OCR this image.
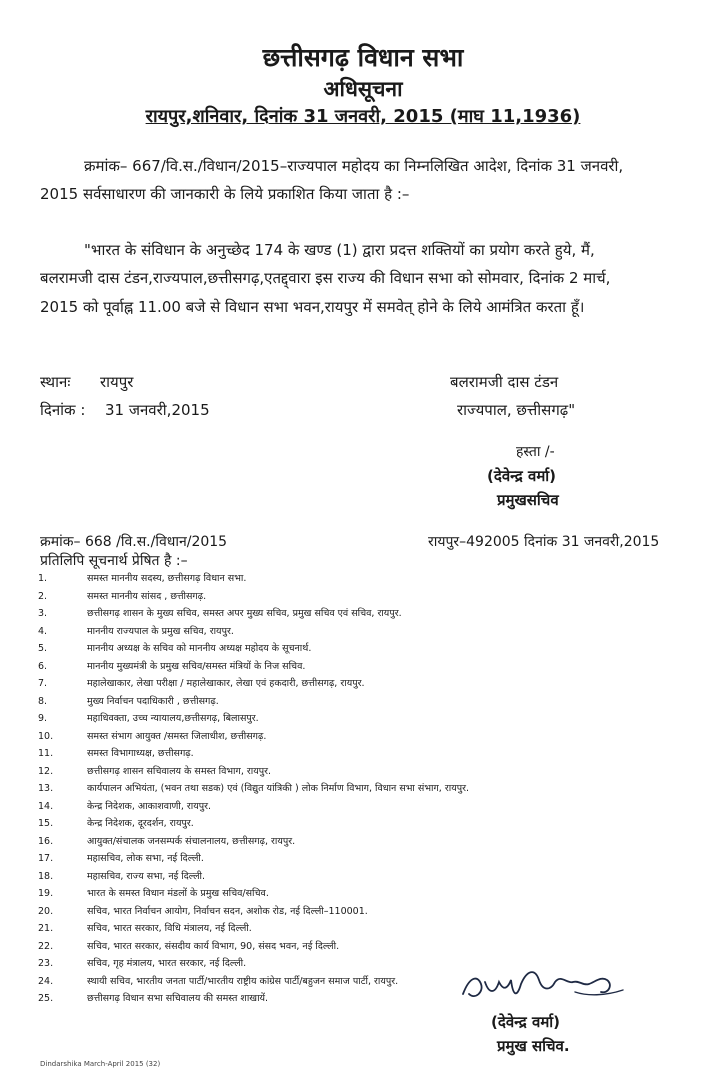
छत्तीसगढ़ विधान सभा
अधिसूचना
रायपुर,शनिवार, दिनांक 31 जनवरी, 2015 (माघ 11,1936)
क्रमांक– 667/वि.स./विधान/2015–राज्यपाल महोदय का निम्नलिखित आदेश, दिनांक 31 जनवरी,
2015 सर्वसाधारण की जानकारी के लिये प्रकाशित किया जाता है :–
"भारत के संविधान के अनुच्छेद 174 के खण्ड (1) द्वारा प्रदत्त शक्तियों का प्रयोग करते हुये, मैं,
बलरामजी दास टंडन,राज्यपाल,छत्तीसगढ़,एतद्द्वारा इस राज्य की विधान सभा को सोमवार, दिनांक 2 मार्च,
2015 को पूर्वाह्न 11.00 बजे से विधान सभा भवन,रायपुर में समवेत् होने के लिये आमंत्रित करता हूँ।
स्थानः रायपुर
दिनांक : 31 जनवरी,2015
बलरामजी दास टंडन
राज्यपाल, छत्तीसगढ़"
हस्ता /-
(देवेन्द्र वर्मा)
प्रमुखसचिव
क्रमांक– 668 /वि.स./विधान/2015	रायपुर–492005 दिनांक 31 जनवरी,2015
प्रतिलिपि सूचनार्थ प्रेषित है :–
1.	समस्त माननीय सदस्य, छत्तीसगढ़ विधान सभा.
2.	समस्त माननीय सांसद , छत्तीसगढ़.
3.	छत्तीसगढ़ शासन के मुख्य सचिव, समस्त अपर मुख्य सचिव, प्रमुख सचिव एवं सचिव, रायपुर.
4.	माननीय राज्यपाल के प्रमुख सचिव, रायपुर.
5.	माननीय अध्यक्ष के सचिव को माननीय अध्यक्ष महोदय के सूचनार्थ.
6.	माननीय मुख्यमंत्री के प्रमुख सचिव/समस्त मंत्रियों के निज सचिव.
7.	महालेखाकार, लेखा परीक्षा / महालेखाकार, लेखा एवं हकदारी, छत्तीसगढ़, रायपुर.
8.	मुख्य निर्वाचन पदाधिकारी , छत्तीसगढ़.
9.	महाधिवक्ता, उच्च न्यायालय,छत्तीसगढ़, बिलासपुर.
10.	समस्त संभाग आयुक्त /समस्त जिलाधीश, छत्तीसगढ़.
11.	समस्त विभागाध्यक्ष, छत्तीसगढ़.
12.	छत्तीसगढ़ शासन सचिवालय के समस्त विभाग, रायपुर.
13.	कार्यपालन अभियंता, (भवन तथा सडक) एवं (विद्युत यांत्रिकी ) लोक निर्माण विभाग, विधान सभा संभाग, रायपुर.
14.	केन्द्र निदेशक, आकाशवाणी, रायपुर.
15.	केन्द्र निदेशक, दूरदर्शन, रायपुर.
16.	आयुक्त/संचालक जनसम्पर्क संचालनालय, छत्तीसगढ़, रायपुर.
17.	महासचिव, लोक सभा, नई दिल्ली.
18.	महासचिव, राज्य सभा, नई दिल्ली.
19.	भारत के समस्त विधान मंडलों के प्रमुख सचिव/सचिव.
20.	सचिव, भारत निर्वाचन आयोग, निर्वाचन सदन, अशोक रोड, नई दिल्ली–110001.
21.	सचिव, भारत सरकार, विधि मंत्रालय, नई दिल्ली.
22.	सचिव, भारत सरकार, संसदीय कार्य विभाग, 90, संसद भवन, नई दिल्ली.
23.	सचिव, गृह मंत्रालय, भारत सरकार, नई दिल्ली.
24.	स्थायी सचिव, भारतीय जनता पार्टी/भारतीय राष्ट्रीय कांग्रेस पार्टी/बहुजन समाज पार्टी, रायपुर.
25.	छत्तीसगढ़ विधान सभा सचिवालय की समस्त शाखायें.
(देवेन्द्र वर्मा)
प्रमुख सचिव.
Dindarshika March-April 2015 (32)
